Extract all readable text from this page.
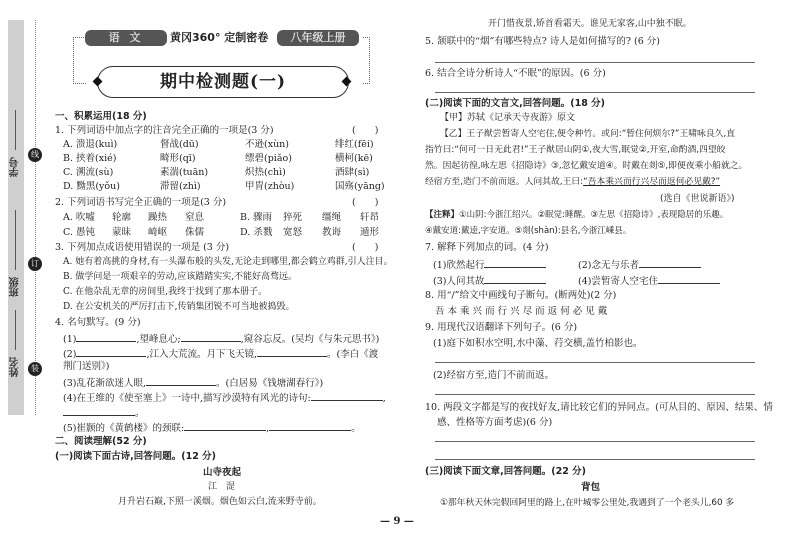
学号
班级
姓名
线
订
装
语 文	黄冈360° 定制密卷	八年级上册
期中检测题(一)
一、积累运用(18 分)
1. 下列词语中加点字的注音完全正确的一项是(3 分)	(　　)
A. 溃退(kuì)	督战(dū)	不逊(xùn)	绯红(fēi)
B. 挟着(xié)	畸形(qī)	缥碧(piǎo)	横柯(kē)
C. 溯流(sù)	素湍(tuān)	炽热(chì)	酒肆(sì)
D. 黝黑(yǒu)	滞留(zhì)	甲胄(zhòu)	国殇(yāng)
2. 下列词语书写完全正确的一项是(3 分)	(　　)
A. 吹嘘 轮廓 躁热 窒息	B. 骤雨 猝死 缰绳 轩昂
C. 愚钝 蒙昧 崎岖 侏儒	D. 杀戮 宽怒 教诲 遁形
3. 下列加点成语使用错误的一项是 (3 分)	(　　)
A. 她有着高挑的身材,有一头瀑布般的头发,无论走到哪里,都会鹤立鸡群,引人注目。
B. 做学问是一项艰辛的劳动,应该踏踏实实,不能好高骛远。
C. 在他杂乱无章的房间里,我终于找到了那本册子。
D. 在公安机关的严厉打击下,传销集团锐不可当地被捣毁。
4. 名句默写。(9 分)
(1)	,望峰息心;	,窥谷忘反。(吴均《与朱元思书》)
(2)	,江入大荒流。月下飞天镜,	。(李白《渡
荆门送别》)
(3)乱花渐欲迷人眼,	。(白居易《钱塘湖春行》)
(4)在王维的《使至塞上》一诗中,描写沙漠特有风光的诗句:	,
。
(5)崔颢的《黄鹤楼》的颈联:	,	。
二、阅读理解(52 分)
(一)阅读下面古诗,回答问题。(12 分)
山寺夜起
江　湜
月升岩石巅,下照一溪烟。烟色如云白,流来野寺前。
开门惜夜景,矫首看霜天。谁见无家客,山中独不眠。
5. 颔联中的“烟”有哪些特点? 诗人是如何描写的? (6 分)
6. 结合全诗分析诗人“不眠”的原因。(6 分)
(二)阅读下面的文言文,回答问题。(18 分)
【甲】苏轼《记承天寺夜游》原文
【乙】王子猷尝暂寄人空宅住,便令种竹。或问:“暂住何烦尔?”王啸咏良久,直
指竹曰:“何可一日无此君!”王子猷居山阴①,夜大雪,眠觉②,开室,命酌酒,四望皎
然。因起彷徨,咏左思《招隐诗》③,忽忆戴安道④。时戴在剡⑤,即便夜乘小船就之。
经宿方至,造门不前而返。人问其故,王曰:“吾本乘兴而行兴尽而返何必见戴?”
(选自《世说新语》)
【注释】①山阴:今浙江绍兴。②眠觉:睡醒。③左思《招隐诗》,表现隐居的乐趣。
④戴安道:戴逵,字安道。⑤剡(shàn):县名,今浙江嵊县。
7. 解释下列加点的词。(4 分)
(1)欣然起行	(2)念无与乐者
(3)人问其故	(4)尝暂寄人空宅住
8. 用“/”给文中画线句子断句。(断两处)(2 分)
吾 本 乘 兴 而 行 兴 尽 而 返 何 必 见 戴
9. 用现代汉语翻译下列句子。(6 分)
(1)庭下如积水空明,水中藻、荇交横,盖竹柏影也。
(2)经宿方至,造门不前而返。
10. 两段文字都是写的夜找好友,请比较它们的异同点。(可从目的、原因、结果、情
感、性格等方面考虑)(6 分)
(三)阅读下面文章,回答问题。(22 分)
背包
①那年秋天休完假回阿里的路上,在叶城零公里处,我遇到了一个老头儿,60 多
— 9 —
